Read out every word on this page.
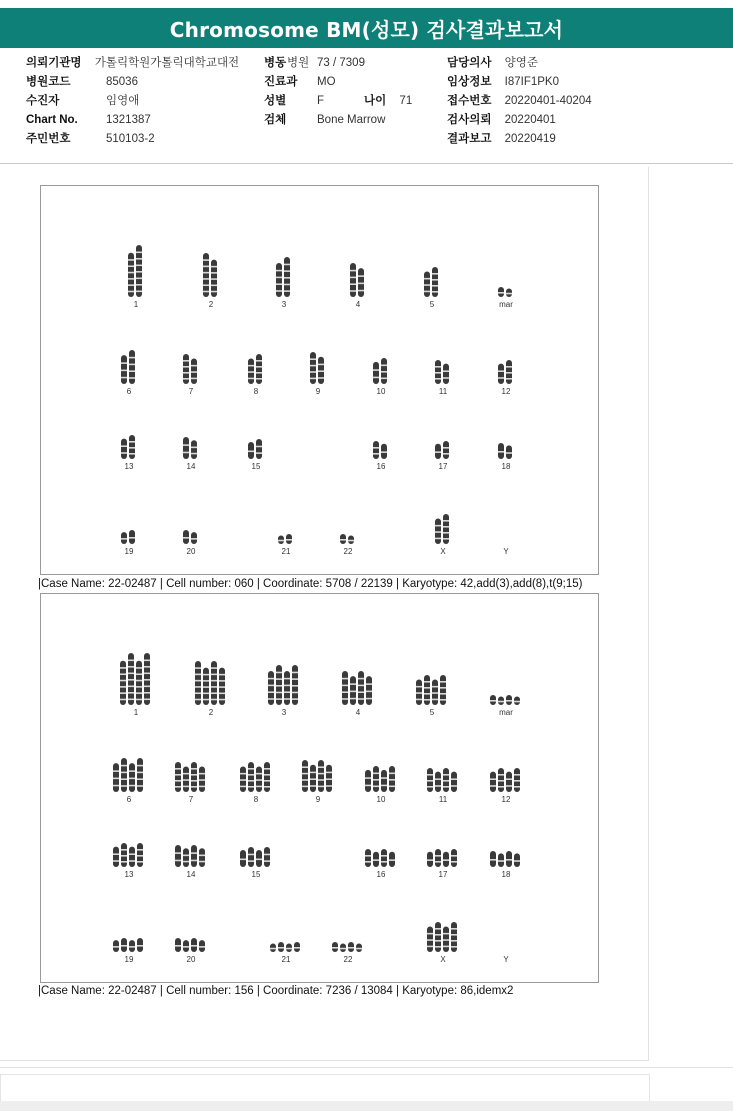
Chromosome BM(성모) 검사결과보고서
의뢰기관명 가톨릭학원가톨릭대학교대전 병동 병원 73 / 7309	담당의사 양영준
병원코드	85036	진료과 MO	임상정보 I87IF1PK0
수진자	임영애	성별	F	나이 71	접수번호 20220401-40204
Chart No. 1321387	검체	Bone Marrow	검사의뢰 20220401
주민번호	510103-2	결과보고 20220419
1	2	3	4	5	mar
6	7	8	9	10	11	12
13	14	15	16	17	18
19	20	21	22	X	Y
|Case Name: 22-02487 | Cell number: 060 | Coordinate: 5708 / 22139 | Karyotype: 42,add(3),add(8),t(9;15)
1	2	3	4	5	mar
6	7	8	9	10	11	12
13	14	15	16	17	18
19	20	21	22	X	Y
|Case Name: 22-02487 | Cell number: 156 | Coordinate: 7236 / 13084 | Karyotype: 86,idemx2
